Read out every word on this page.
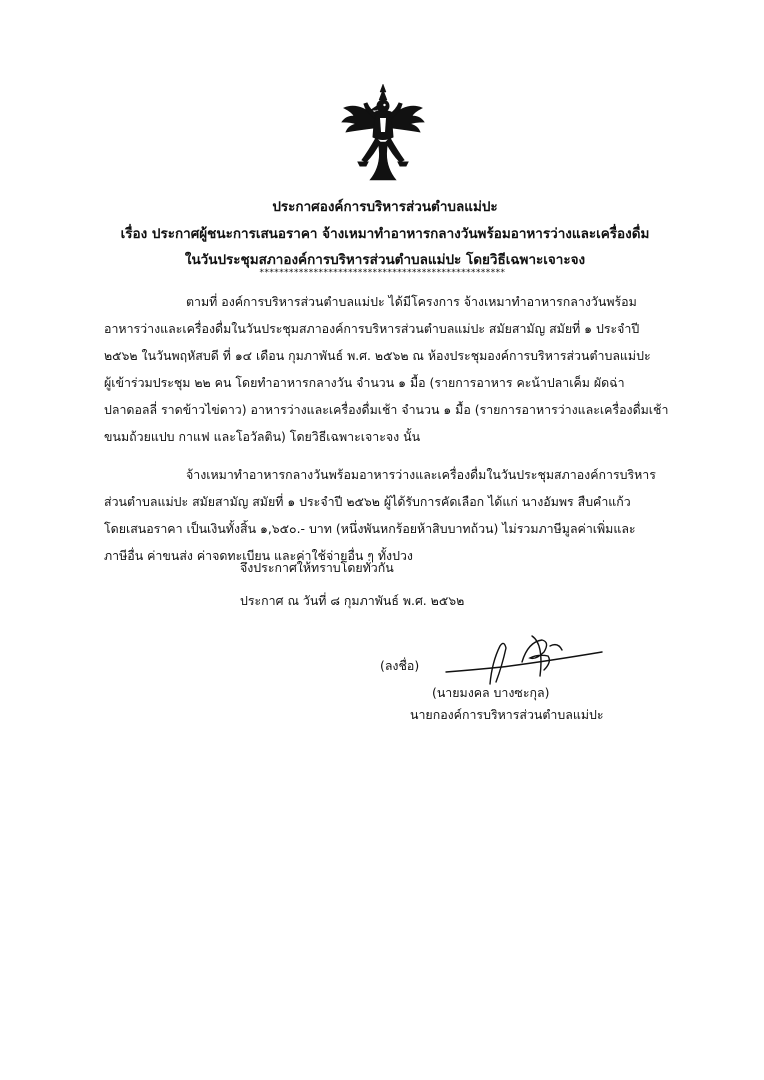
ประกาศองค์การบริหารส่วนตำบลแม่ปะ
เรื่อง ประกาศผู้ชนะการเสนอราคา จ้างเหมาทำอาหารกลางวันพร้อมอาหารว่างและเครื่องดื่ม
ในวันประชุมสภาองค์การบริหารส่วนตำบลแม่ปะ โดยวิธีเฉพาะเจาะจง
**************************************************
ตามที่ องค์การบริหารส่วนตำบลแม่ปะ ได้มีโครงการ จ้างเหมาทำอาหารกลางวันพร้อม
อาหารว่างและเครื่องดื่มในวันประชุมสภาองค์การบริหารส่วนตำบลแม่ปะ สมัยสามัญ สมัยที่ ๑ ประจำปี
๒๕๖๒ ในวันพฤหัสบดี ที่ ๑๔ เดือน กุมภาพันธ์ พ.ศ. ๒๕๖๒ ณ ห้องประชุมองค์การบริหารส่วนตำบลแม่ปะ
ผู้เข้าร่วมประชุม ๒๒ คน โดยทำอาหารกลางวัน จำนวน ๑ มื้อ (รายการอาหาร คะน้าปลาเค็ม ผัดฉ่า
ปลาดอลลี่ ราดข้าวไข่ดาว) อาหารว่างและเครื่องดื่มเช้า จำนวน ๑ มื้อ (รายการอาหารว่างและเครื่องดื่มเช้า
ขนมถ้วยแปบ กาแฟ และโอวัลติน) โดยวิธีเฉพาะเจาะจง นั้น
จ้างเหมาทำอาหารกลางวันพร้อมอาหารว่างและเครื่องดื่มในวันประชุมสภาองค์การบริหาร
ส่วนตำบลแม่ปะ สมัยสามัญ สมัยที่ ๑ ประจำปี ๒๕๖๒ ผู้ได้รับการคัดเลือก ได้แก่ นางอัมพร สืบคำแก้ว
โดยเสนอราคา เป็นเงินทั้งสิ้น ๑,๖๕๐.- บาท (หนึ่งพันหกร้อยห้าสิบบาทถ้วน) ไม่รวมภาษีมูลค่าเพิ่มและ
ภาษีอื่น ค่าขนส่ง ค่าจดทะเบียน และค่าใช้จ่ายอื่น ๆ ทั้งปวง
จึงประกาศให้ทราบโดยทั่วกัน
ประกาศ ณ วันที่ ๘ กุมภาพันธ์ พ.ศ. ๒๕๖๒
(ลงชื่อ)
(นายมงคล บางซะกุล)
นายกองค์การบริหารส่วนตำบลแม่ปะ
